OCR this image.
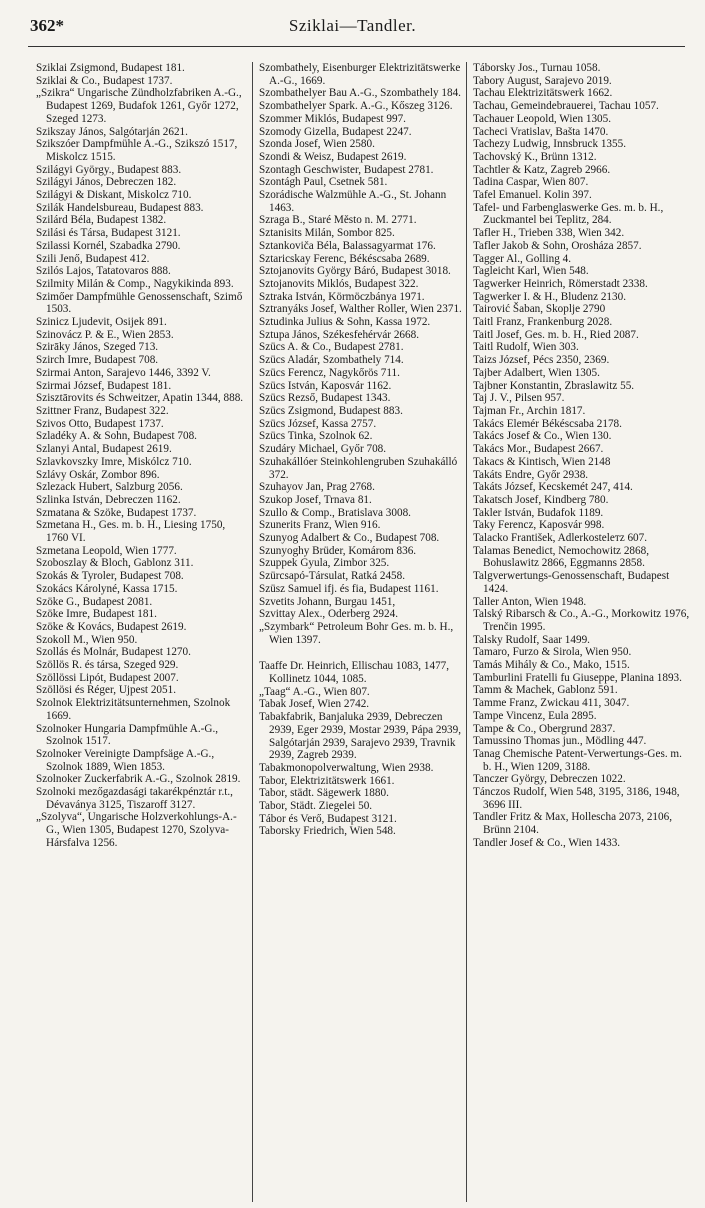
362*	Sziklai—Tandler.

Sziklai Zsigmond, Budapest 181.

Sziklai & Co., Budapest 1737.

„Szikra“ Ungarische Zündholzfabriken A.-G., Budapest 1269, Budafok 1261, Győr 1272, Szeged 1273.

Szikszay János, Salgótarján 2621.

Szikszóer Dampfmühle A.-G., Szikszó 1517, Miskolcz 1515.

Szilágyi György., Budapest 883.

Szilágyi János, Debreczen 182.

Szilágyi & Diskant, Miskolcz 710.

Szilák Handelsbureau, Budapest 883.

Szilárd Béla, Budapest 1382.

Szilási és Társa, Budapest 3121.

Szilassi Kornél, Szabadka 2790.

Szili Jenő, Budapest 412.

Szilós Lajos, Tatatovaros 888.

Szilmity Milán & Comp., Nagykikinda 893.

Szimőer Dampfmühle Genossenschaft, Szimő 1503.

Szinicz Ljudevit, Osijek 891.

Szinovácz P. & E., Wien 2853.

Szirāky János, Szeged 713.

Szirch Imre, Budapest 708.

Szirmai Anton, Sarajevo 1446, 3392 V.

Szirmai József, Budapest 181.

Szisztārovits és Schweitzer, Apatin 1344, 888.

Szittner Franz, Budapest 322.

Szivos Otto, Budapest 1737.

Szladéky A. & Sohn, Budapest 708.

Szlanyi Antal, Budapest 2619.

Szlavkovszky Imre, Miskólcz 710.

Szlávy Oskár, Zombor 896.

Szlezack Hubert, Salzburg 2056.

Szlinka István, Debreczen 1162.

Szmatana & Szöke, Budapest 1737.

Szmetana H., Ges. m. b. H., Liesing 1750, 1760 VI.

Szmetana Leopold, Wien 1777.

Szoboszlay & Bloch, Gablonz 311.

Szokás & Tyroler, Budapest 708.

Szokács Károlyné, Kassa 1715.

Szöke G., Budapest 2081.

Szöke Imre, Budapest 181.

Szöke & Kovács, Budapest 2619.

Szokoll M., Wien 950.

Szollás és Molnár, Budapest 1270.

Szöllös R. és társa, Szeged 929.

Szöllössi Lipót, Budapest 2007.

Szöllösi és Réger, Ujpest 2051.

Szolnok Elektrizitätsunternehmen, Szolnok 1669.

Szolnoker Hungaria Dampfmühle A.-G., Szolnok 1517.

Szolnoker Vereinigte Dampfsäge A.-G., Szolnok 1889, Wien 1853.

Szolnoker Zuckerfabrik A.-G., Szolnok 2819.

Szolnoki mezőgazdasági takarékpénztár r.t., Dévaványa 3125, Tiszaroff 3127.

„Szolyva“, Ungarische Holzverkohlungs-A.-G., Wien 1305, Budapest 1270, Szolyva-Hársfalva 1256.

Szombathely, Eisenburger Elektrizitätswerke A.-G., 1669.

Szombathelyer Bau A.-G., Szombathely 184.

Szombathelyer Spark. A.-G., Kőszeg 3126.

Szommer Miklós, Budapest 997.

Szomody Gizella, Budapest 2247.

Szonda Josef, Wien 2580.

Szondi & Weisz, Budapest 2619.

Szontagh Geschwister, Budapest 2781.

Szontágh Paul, Csetnek 581.

Szorádische Walzmühle A.-G., St. Johann 1463.

Szraga B., Staré Město n. M. 2771.

Sztanisits Milán, Sombor 825.

Sztankoviča Béla, Balassagyarmat 176.

Sztaricskay Ferenc, Békéscsaba 2689.

Sztojanovits György Báró, Budapest 3018.

Sztojanovits Miklós, Budapest 322.

Sztraka István, Körmöczbánya 1971.

Sztranyáks Josef, Walther Roller, Wien 2371.

Sztudinka Julius & Sohn, Kassa 1972.

Sztupa János, Székesfehérvár 2668.

Szücs A. & Co., Budapest 2781.

Szücs Aladár, Szombathely 714.

Szücs Ferencz, Nagykőrös 711.

Szücs István, Kaposvár 1162.

Szücs Rezső, Budapest 1343.

Szücs Zsigmond, Budapest 883.

Szücs József, Kassa 2757.

Szücs Tinka, Szolnok 62.

Szudáry Michael, Győr 708.

Szuhakállóer Steinkohlengruben Szuhakálló 372.

Szuhayov Jan, Prag 2768.

Szukop Josef, Trnava 81.

Szullo & Comp., Bratislava 3008.

Szunerits Franz, Wien 916.

Szunyog Adalbert & Co., Budapest 708.

Szunyoghy Brüder, Komárom 836.

Szuppek Gyula, Zimbor 325.

Szürcsapó-Társulat, Ratká 2458.

Szüsz Samuel ifj. és fia, Budapest 1161.

Szvetits Johann, Burgau 1451,

Szvittay Alex., Oderberg 2924.

„Szymbark“ Petroleum Bohr Ges. m. b. H., Wien 1397.

Taaffe Dr. Heinrich, Ellischau 1083, 1477, Kollinetz 1044, 1085.

„Taag“ A.-G., Wien 807.

Tabak Josef, Wien 2742.

Tabakfabrik, Banjaluka 2939, Debreczen 2939, Eger 2939, Mostar 2939, Pápa 2939, Salgótarján 2939, Sarajevo 2939, Travnik 2939, Zagreb 2939.

Tabakmonopolverwaltung, Wien 2938.

Tabor, Elektrizitätswerk 1661.

Tabor, städt. Sägewerk 1880.

Tabor, Städt. Ziegelei 50.

Tábor és Verő, Budapest 3121.

Taborsky Friedrich, Wien 548.

Táborsky Jos., Turnau 1058.

Tabory August, Sarajevo 2019.

Tachau Elektrizitätswerk 1662.

Tachau, Gemeindebrauerei, Tachau 1057.

Tachauer Leopold, Wien 1305.

Tacheci Vratislav, Bašta 1470.

Tachezy Ludwig, Innsbruck 1355.

Tachovský K., Brünn 1312.

Tachtler & Katz, Zagreb 2966.

Tadina Caspar, Wien 807.

Tafel Emanuel. Kolin 397.

Tafel- und Farbenglaswerke Ges. m. b. H., Zuckmantel bei Teplitz, 284.

Tafler H., Trieben 338, Wien 342.

Tafler Jakob & Sohn, Orosháza 2857.

Tagger Al., Golling 4.

Tagleicht Karl, Wien 548.

Tagwerker Heinrich, Römerstadt 2338.

Tagwerker I. & H., Bludenz 2130.

Tairović Šaban, Skoplje 2790

Taitl Franz, Frankenburg 2028.

Taitl Josef, Ges. m. b. H., Ried 2087.

Taitl Rudolf, Wien 303.

Taizs József, Pécs 2350, 2369.

Tajber Adalbert, Wien 1305.

Tajbner Konstantin, Zbraslawitz 55.

Taj J. V., Pilsen 957.

Tajman Fr., Archin 1817.

Takács Elemér Békéscsaba 2178.

Takács Josef & Co., Wien 130.

Takács Mor., Budapest 2667.

Takacs & Kintisch, Wien 2148

Takáts Endre, Győr 2938.

Takáts József, Kecskemét 247, 414.

Takatsch Josef, Kindberg 780.

Takler István, Budafok 1189.

Taky Ferencz, Kaposvár 998.

Talacko František, Adlerkostelетz 607.

Talamas Benedict, Nemochowitz 2868, Bohuslawitz 2866, Eggmanns 2858.

Talgverwertungs-Genossenschaft, Budapest 1424.

Taller Anton, Wien 1948.

Talský Ribarsch & Co., A.-G., Morkowitz 1976, Trenčin 1995.

Talsky Rudolf, Saar 1499.

Tamaro, Furzo & Sirola, Wien 950.

Tamás Mihály & Co., Mako, 1515.

Tamburlini Fratelli fu Giuseppe, Planina 1893.

Tamm & Machek, Gablonz 591.

Tamme Franz, Zwickau 411, 3047.

Tampe Vincenz, Eula 2895.

Tampe & Co., Obergrund 2837.

Tamussino Thomas jun., Mödling 447.

Tanag Chemische Patent-Verwertungs-Ges. m. b. H., Wien 1209, 3188.

Tanczer György, Debreczen 1022.

Tánczos Rudolf, Wien 548, 3195, 3186, 1948, 3696 III.

Tandler Fritz & Max, Hollescha 2073, 2106, Brünn 2104.

Tandler Josef & Co., Wien 1433.
